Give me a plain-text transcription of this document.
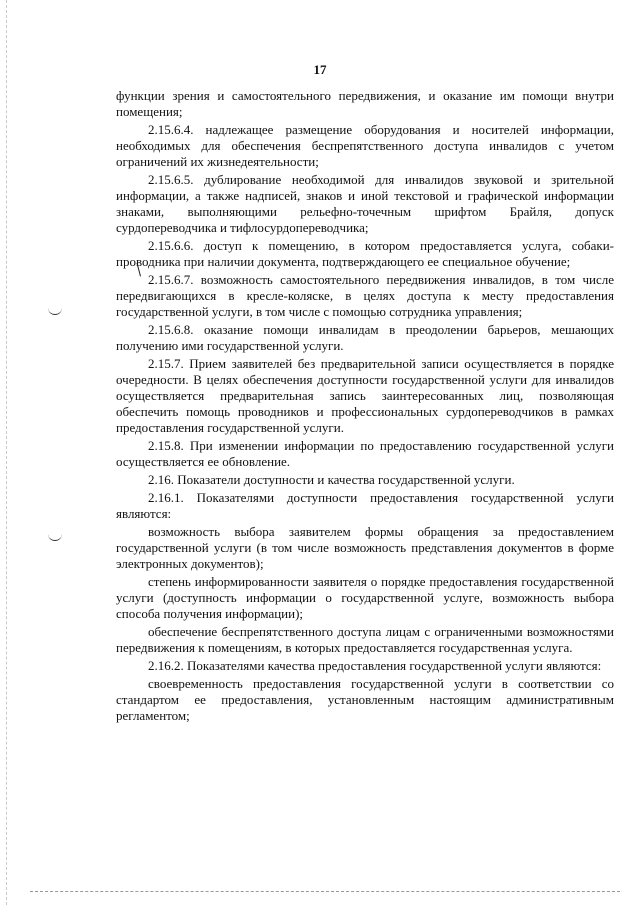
17

функции зрения и самостоятельного передвижения, и оказание им помощи внутри помещения;

2.15.6.4. надлежащее размещение оборудования и носителей информации, необходимых для обеспечения беспрепятственного доступа инвалидов с учетом ограничений их жизнедеятельности;

2.15.6.5. дублирование необходимой для инвалидов звуковой и зрительной информации, а также надписей, знаков и иной текстовой и графической информации знаками, выполняющими рельефно-точечным шрифтом Брайля, допуск сурдопереводчика и тифлосурдопереводчика;

2.15.6.6. доступ к помещению, в котором предоставляется услуга, собаки-проводника при наличии документа, подтверждающего ее специальное обучение;

2.15.6.7. возможность самостоятельного передвижения инвалидов, в том числе передвигающихся в кресле-коляске, в целях доступа к месту предоставления государственной услуги, в том числе с помощью сотрудника управления;

2.15.6.8. оказание помощи инвалидам в преодолении барьеров, мешающих получению ими государственной услуги.

2.15.7. Прием заявителей без предварительной записи осуществляется в порядке очередности. В целях обеспечения доступности государственной услуги для инвалидов осуществляется предварительная запись заинтересованных лиц, позволяющая обеспечить помощь проводников и профессиональных сурдопереводчиков в рамках предоставления государственной услуги.

2.15.8. При изменении информации по предоставлению государственной услуги осуществляется ее обновление.

2.16. Показатели доступности и качества государственной услуги.

2.16.1. Показателями доступности предоставления государственной услуги являются:

возможность выбора заявителем формы обращения за предоставлением государственной услуги (в том числе возможность представления документов в форме электронных документов);

степень информированности заявителя о порядке предоставления государственной услуги (доступность информации о государственной услуге, возможность выбора способа получения информации);

обеспечение беспрепятственного доступа лицам с ограниченными возможностями передвижения к помещениям, в которых предоставляется государственная услуга.

2.16.2. Показателями качества предоставления государственной услуги являются:

своевременность предоставления государственной услуги в соответствии со стандартом ее предоставления, установленным настоящим административным регламентом;
